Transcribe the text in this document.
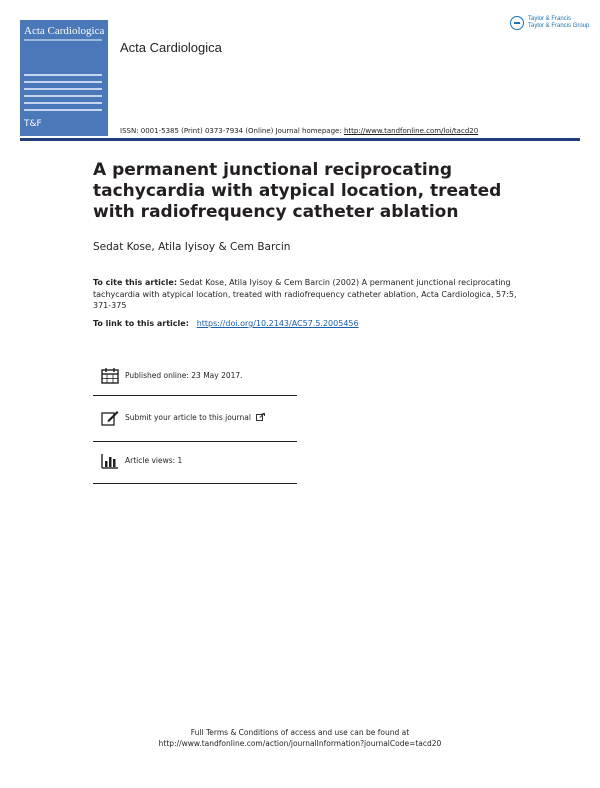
Acta Cardiologica
T&F
Acta Cardiologica
Taylor & Francis
Taylor & Francis Group
ISSN: 0001-5385 (Print) 0373-7934 (Online) Journal homepage: http://www.tandfonline.com/loi/tacd20
A permanent junctional reciprocating tachycardia with atypical location, treated with radiofrequency catheter ablation

Sedat Kose, Atila Iyisoy & Cem Barcin

To cite this article: Sedat Kose, Atila Iyisoy & Cem Barcin (2002) A permanent junctional reciprocating tachycardia with atypical location, treated with radiofrequency catheter ablation, Acta Cardiologica, 57:5, 371-375

To link to this article: https://doi.org/10.2143/AC57.5.2005456
Published online: 23 May 2017.
Submit your article to this journal
Article views: 1
Full Terms & Conditions of access and use can be found at
http://www.tandfonline.com/action/journalInformation?journalCode=tacd20
